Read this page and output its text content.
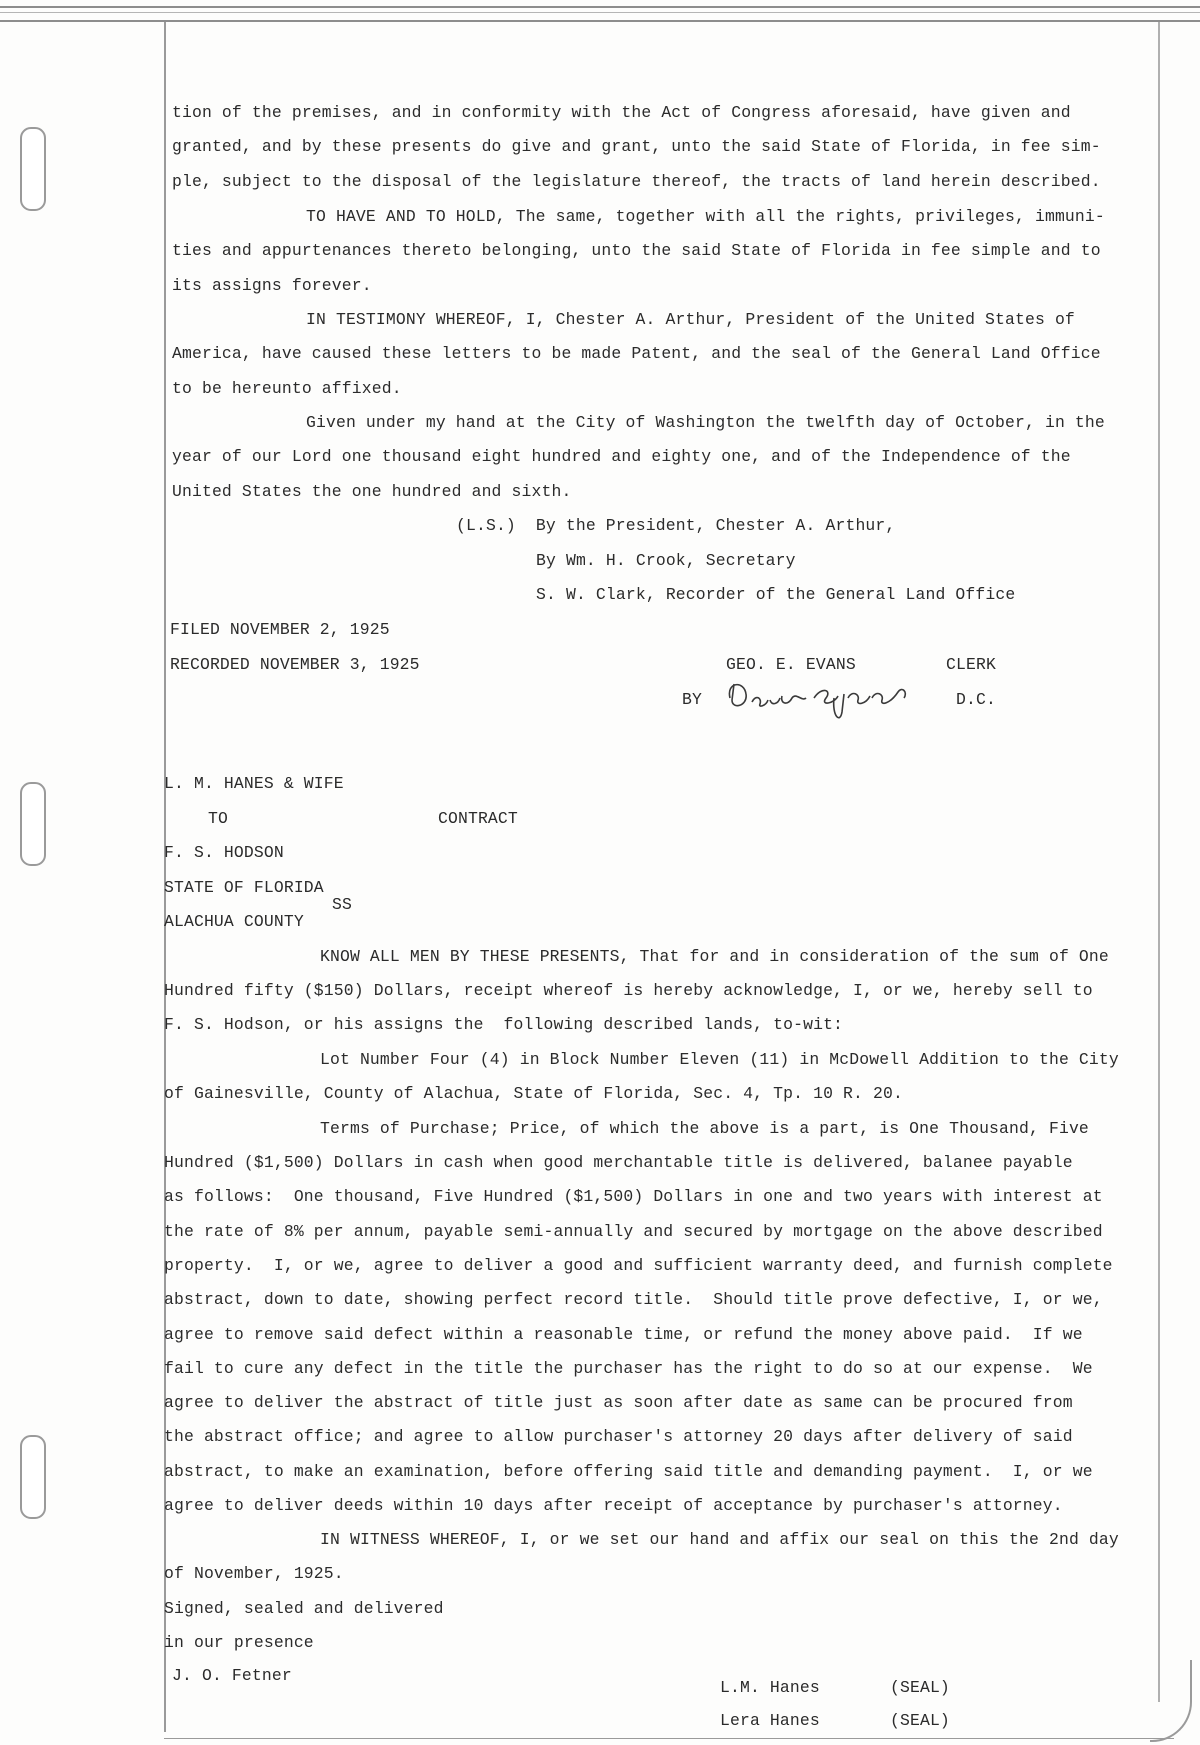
tion of the premises, and in conformity with the Act of Congress aforesaid, have given and
granted, and by these presents do give and grant, unto the said State of Florida, in fee sim-
ple, subject to the disposal of the legislature thereof, the tracts of land herein described.
TO HAVE AND TO HOLD, The same, together with all the rights, privileges, immuni-
ties and appurtenances thereto belonging, unto the said State of Florida in fee simple and to
its assigns forever.
IN TESTIMONY WHEREOF, I, Chester A. Arthur, President of the United States of
America, have caused these letters to be made Patent, and the seal of the General Land Office
to be hereunto affixed.
Given under my hand at the City of Washington the twelfth day of October, in the
year of our Lord one thousand eight hundred and eighty one, and of the Independence of the
United States the one hundred and sixth.
(L.S.)  By the President, Chester A. Arthur,
By Wm. H. Crook, Secretary
S. W. Clark, Recorder of the General Land Office
FILED NOVEMBER 2, 1925
RECORDED NOVEMBER 3, 1925	GEO. E. EVANS	CLERK
BY	D.C.
L. M. HANES & WIFE
TO	CONTRACT
F. S. HODSON
STATE OF FLORIDA
SS
ALACHUA COUNTY
KNOW ALL MEN BY THESE PRESENTS, That for and in consideration of the sum of One
Hundred fifty ($150) Dollars, receipt whereof is hereby acknowledge, I, or we, hereby sell to
F. S. Hodson, or his assigns the  following described lands, to-wit:
Lot Number Four (4) in Block Number Eleven (11) in McDowell Addition to the City
of Gainesville, County of Alachua, State of Florida, Sec. 4, Tp. 10 R. 20.
Terms of Purchase; Price, of which the above is a part, is One Thousand, Five
Hundred ($1,500) Dollars in cash when good merchantable title is delivered, balanee payable
as follows:  One thousand, Five Hundred ($1,500) Dollars in one and two years with interest at
the rate of 8% per annum, payable semi-annually and secured by mortgage on the above described
property.  I, or we, agree to deliver a good and sufficient warranty deed, and furnish complete
abstract, down to date, showing perfect record title.  Should title prove defective, I, or we,
agree to remove said defect within a reasonable time, or refund the money above paid.  If we
fail to cure any defect in the title the purchaser has the right to do so at our expense.  We
agree to deliver the abstract of title just as soon after date as same can be procured from
the abstract office; and agree to allow purchaser's attorney 20 days after delivery of said
abstract, to make an examination, before offering said title and demanding payment.  I, or we
agree to deliver deeds within 10 days after receipt of acceptance by purchaser's attorney.
IN WITNESS WHEREOF, I, or we set our hand and affix our seal on this the 2nd day
of November, 1925.
Signed, sealed and delivered
in our presence
J. O. Fetner
L.M. Hanes	(SEAL)
Lera Hanes	(SEAL)
